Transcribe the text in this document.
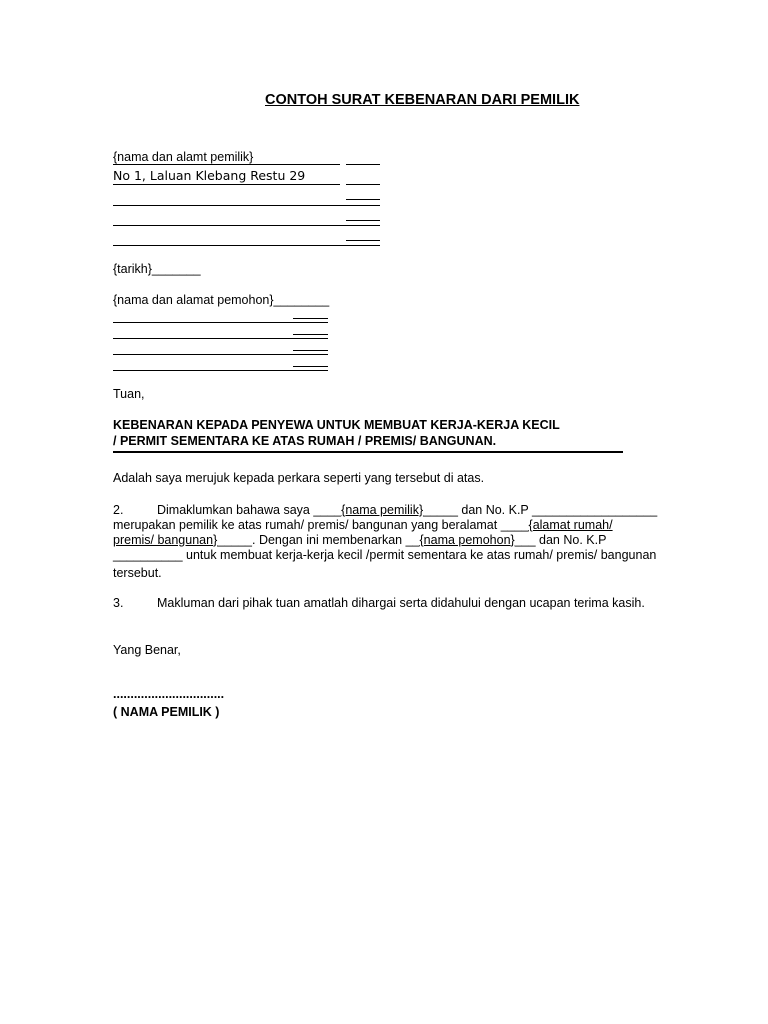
CONTOH SURAT KEBENARAN DARI PEMILIK
{nama dan alamt pemilik}
No 1, Laluan Klebang Restu 29
{tarikh}_______
{nama dan alamat pemohon}________
Tuan,
KEBENARAN KEPADA PENYEWA UNTUK MEMBUAT KERJA-KERJA KECIL
/ PERMIT SEMENTARA KE ATAS RUMAH / PREMIS/ BANGUNAN.
Adalah saya merujuk kepada perkara seperti yang tersebut di atas.
2.	Dimaklumkan bahawa saya ____{nama pemilik}_____ dan No. K.P __________________
merupakan pemilik ke atas rumah/ premis/ bangunan yang beralamat ____{alamat rumah/
premis/ bangunan}_____. Dengan ini membenarkan __{nama pemohon}___ dan No. K.P
__________ untuk membuat kerja-kerja kecil /permit sementara ke atas rumah/ premis/ bangunan
tersebut.
3.	Makluman dari pihak tuan amatlah dihargai serta didahului dengan ucapan terima kasih.
Yang Benar,
................................
( NAMA PEMILIK )
